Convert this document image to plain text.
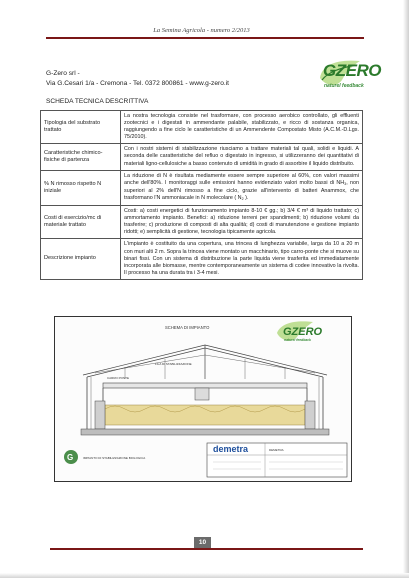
La Semina Agricola - numero 2/2013
G-Zero srl -
Via G.Cesari 1/a - Cremona - Tel. 0372 800861 - www.g-zero.it
GZERO
naturel feedback
SCHEDA TECNICA DESCRITTIVA
Tipologia del substrato trattato	La nostra tecnologia consiste nel trasformare, con processo aerobico controllato, gli effluenti zootecnici e i digestati in ammendante palabile, stabilizzato, e ricco di sostanza organica, raggiungendo a fine ciclo le caratteristiche di un Ammendente Compostato Misto (A.C.M.-D.Lgs. 75/2010).
Caratteristiche chimico-fisiche di partenza	Con i nostri sistemi di stabilizzazione riusciamo a trattare materiali tal quali, solidi e liquidi. A seconda delle caratteristiche del refluo o digestato in ingresso, si utilizzeranno dei quantitativi di materiali ligno-cellulosiche a basso contenuto di umidità in grado di assorbire il liquido distribuito.
% N rimosso rispetto N iniziale	La riduzione di N è risultata mediamente essere sempre superiore al 60%, con valori massimi anche dell'80%. I monitoraggi sulle emissioni hanno evidenziato valori molto bassi di $NH_3$, non superiori al 2% dell'N rimosso a fine ciclo, grazie all'intervento di batteri Anammox, che trasformano l'N ammoniacale in N molecolare ( $N_2$ ).
Costi di esercizio/mc di materiale trattato	Costi: a) costi energetici di funzionamento impianto 8-10 € gg.; b) 3/4 € m³ di liquido trattato; c) ammortamento impianto. Benefici: a) riduzione terreni per spandimenti; b) riduzione volumi da trasferire; c) produzione di composti di alta qualità; d) costi di manutenzione e gestione impianto ridotti; e) semplicità di gestione, tecnologia tipicamente agricola.
Descrizione impianto	L'impianto è costituito da una copertura, una trincea di lunghezza variabile, larga da 10 a 20 m con muri alti 2 m. Sopra la trincea viene montato un macchinario, tipo carro-ponte che si muove su binari fissi. Con un sistema di distribuzione la parte liquida viene trasferita ed immediatamente incorporata alle biomasse, mentre contemporaneamente un sistema di codee innovativo la rivolta. Il processo ha una durata tra i 3-4 mesi.
SCHEMA DI IMPIANTO	GZERO
naturel feedback
FILA DI STABILIZZAZIONE
CARRO PONTE
demetra	DEMETRA
G	IMPIANTO DI STABILIZZAZIONE BIOLOGICA
10
